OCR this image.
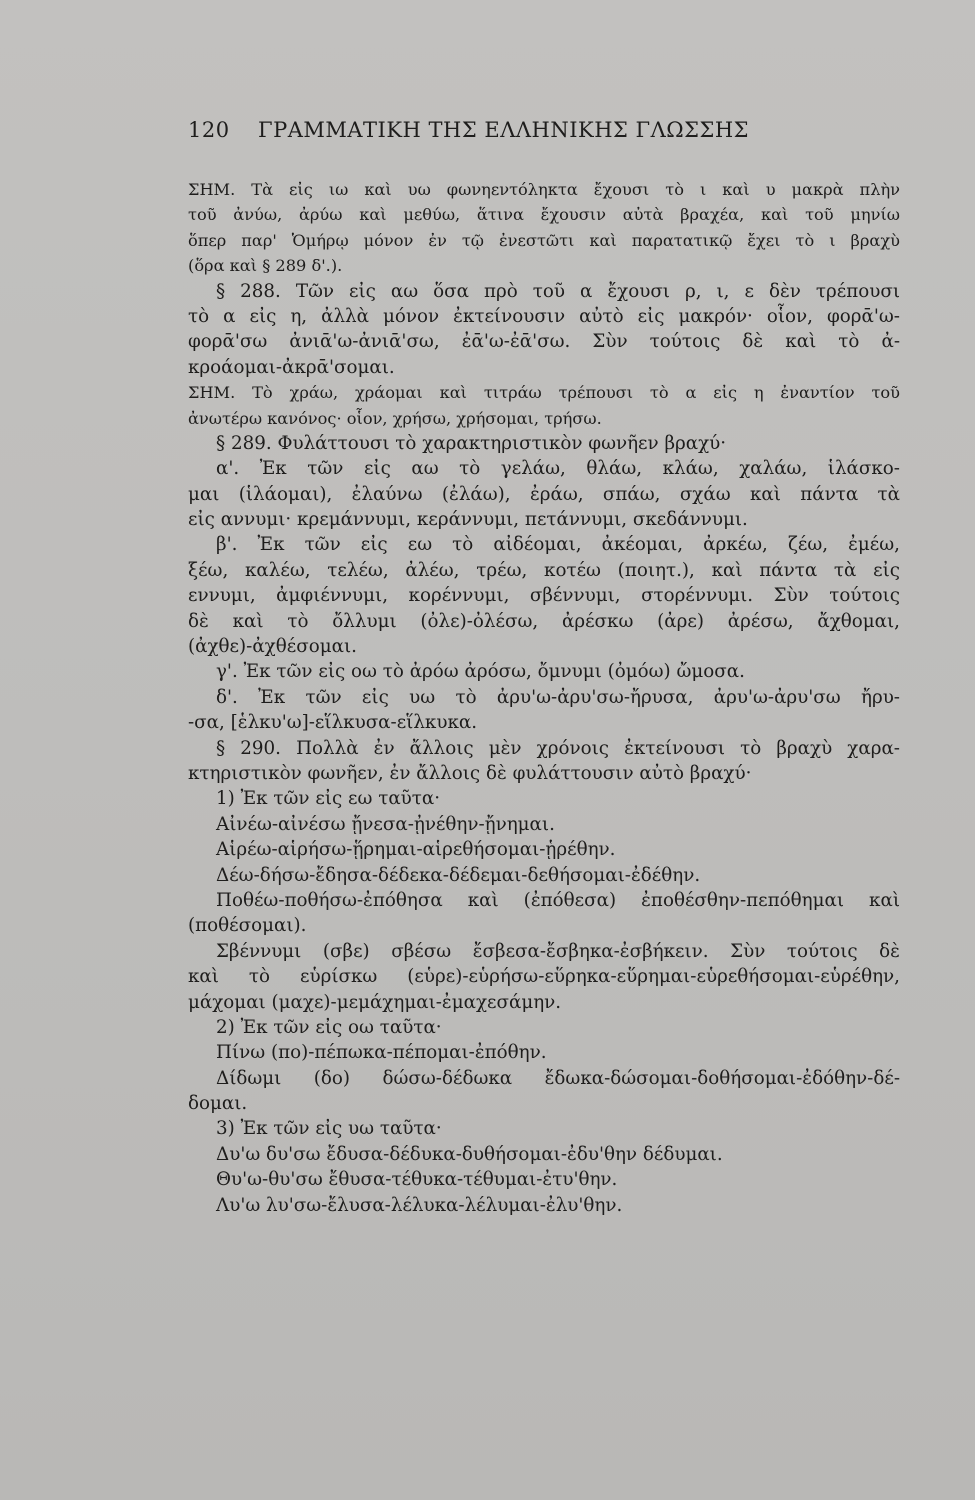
120 ΓΡΑΜΜΑΤΙΚΗ ΤΗΣ ΕΛΛΗΝΙΚΗΣ ΓΛΩΣΣΗΣ
ΣΗΜ. Τὰ εἰς ιω καὶ υω φωνηεντόληκτα ἔχουσι τὸ ι καὶ υ μακρὰ πλὴν
τοῦ ἀνύω, ἀρύω καὶ μεθύω, ἅτινα ἔχουσιν αὐτὰ βραχέα, καὶ τοῦ μηνίω
ὅπερ παρ' Ὁμήρῳ μόνον ἐν τῷ ἐνεστῶτι καὶ παρατατικῷ ἔχει τὸ ι βραχὺ
(ὅρα καὶ § 289 δ'.).
§ 288. Τῶν εἰς αω ὅσα πρὸ τοῦ α ἔχουσι ρ, ι, ε δὲν τρέπουσι
τὸ α εἰς η, ἀλλὰ μόνον ἐκτείνουσιν αὐτὸ εἰς μακρόν· οἷον, φορᾱ'ω-
φορᾱ'σω ἀνιᾱ'ω-ἀνιᾱ'σω, ἐᾱ'ω-ἐᾱ'σω. Σὺν τούτοις δὲ καὶ τὸ ἀ-
κροάομαι-ἀκρᾱ'σομαι.
ΣΗΜ. Τὸ χράω, χράομαι καὶ τιτράω τρέπουσι τὸ α εἰς η ἐναντίον τοῦ
ἀνωτέρω κανόνος· οἷον, χρήσω, χρήσομαι, τρήσω.
§ 289. Φυλάττουσι τὸ χαρακτηριστικὸν φωνῆεν βραχύ·
α'. Ἐκ τῶν εἰς αω τὸ γελάω, θλάω, κλάω, χαλάω, ἱλάσκο-
μαι (ἱλάομαι), ἐλαύνω (ἐλάω), ἐράω, σπάω, σχάω καὶ πάντα τὰ
εἰς αννυμι· κρεμάννυμι, κεράννυμι, πετάννυμι, σκεδάννυμι.
β'. Ἐκ τῶν εἰς εω τὸ αἰδέομαι, ἀκέομαι, ἀρκέω, ζέω, ἐμέω,
ξέω, καλέω, τελέω, ἀλέω, τρέω, κοτέω (ποιητ.), καὶ πάντα τὰ εἰς
εννυμι, ἀμφιέννυμι, κορέννυμι, σβέννυμι, στορέννυμι. Σὺν τούτοις
δὲ καὶ τὸ ὄλλυμι (ὀλε)-ὀλέσω, ἀρέσκω (ἀρε) ἀρέσω, ἄχθομαι,
(ἀχθε)-ἀχθέσομαι.
γ'. Ἐκ τῶν εἰς οω τὸ ἀρόω ἀρόσω, ὄμνυμι (ὀμόω) ὤμοσα.
δ'. Ἐκ τῶν εἰς υω τὸ ἀρυ'ω-ἀρυ'σω-ἤρυσα, ἀρυ'ω-ἀρυ'σω ἤρυ-
-σα, [ἑλκυ'ω]-εἵλκυσα-εἵλκυκα.
§ 290. Πολλὰ ἐν ἄλλοις μὲν χρόνοις ἐκτείνουσι τὸ βραχὺ χαρα-
κτηριστικὸν φωνῆεν, ἐν ἄλλοις δὲ φυλάττουσιν αὐτὸ βραχύ·
1) Ἐκ τῶν εἰς εω ταῦτα·
Αἰνέω-αἰνέσω ᾔνεσα-ᾐνέθην-ᾔνημαι.
Αἱρέω-αἱρήσω-ᾕρημαι-αἱρεθήσομαι-ᾑρέθην.
Δέω-δήσω-ἔδησα-δέδεκα-δέδεμαι-δεθήσομαι-ἐδέθην.
Ποθέω-ποθήσω-ἐπόθησα καὶ (ἐπόθεσα) ἐποθέσθην-πεπόθημαι καὶ
(ποθέσομαι).
Σβέννυμι (σβε) σβέσω ἔσβεσα-ἔσβηκα-ἐσβήκειν. Σὺν τούτοις δὲ
καὶ τὸ εὑρίσκω (εὑρε)-εὑρήσω-εὕρηκα-εὕρημαι-εὑρεθήσομαι-εὑρέθην,
μάχομαι (μαχε)-μεμάχημαι-ἐμαχεσάμην.
2) Ἐκ τῶν εἰς οω ταῦτα·
Πίνω (πο)-πέπωκα-πέπομαι-ἐπόθην.
Δίδωμι (δο) δώσω-δέδωκα ἔδωκα-δώσομαι-δοθήσομαι-ἐδόθην-δέ-
δομαι.
3) Ἐκ τῶν εἰς υω ταῦτα·
Δυ'ω δυ'σω ἔδυσα-δέδυκα-δυθήσομαι-ἐδυ'θην δέδυμαι.
Θυ'ω-θυ'σω ἔθυσα-τέθυκα-τέθυμαι-ἐτυ'θην.
Λυ'ω λυ'σω-ἔλυσα-λέλυκα-λέλυμαι-ἐλυ'θην.
